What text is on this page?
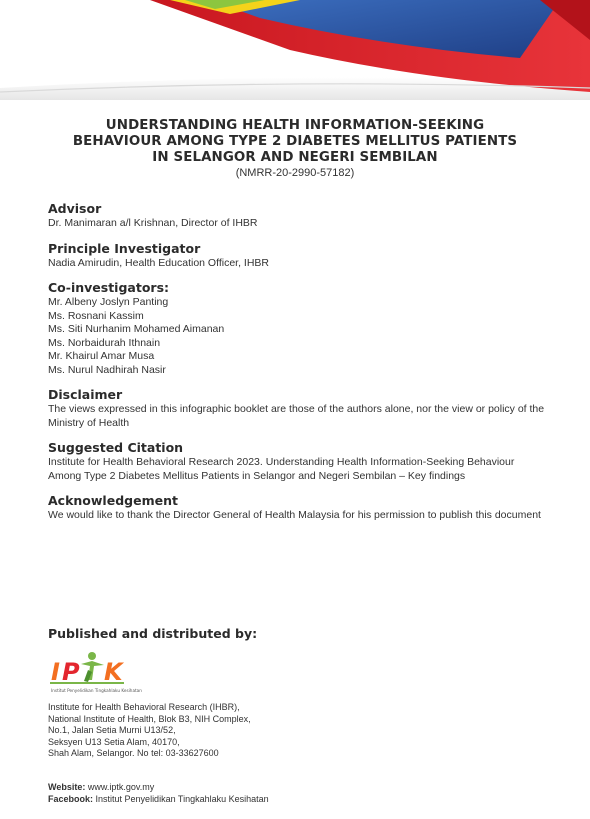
UNDERSTANDING HEALTH INFORMATION-SEEKING
BEHAVIOUR AMONG TYPE 2 DIABETES MELLITUS PATIENTS
IN SELANGOR AND NEGERI SEMBILAN
(NMRR-20-2990-57182)
Advisor

Dr. Manimaran a/l Krishnan, Director of IHBR

Principle Investigator

Nadia Amirudin, Health Education Officer, IHBR

Co-investigators:
Mr. Albeny Joslyn Panting
Ms. Rosnani Kassim
Ms. Siti Nurhanim Mohamed Aimanan
Ms. Norbaidurah Ithnain
Mr. Khairul Amar Musa
Ms. Nurul Nadhirah Nasir
Disclaimer

The views expressed in this infographic booklet are those of the authors alone, nor the view or policy of the Ministry of Health

Suggested Citation

Institute for Health Behavioral Research 2023. Understanding Health Information-Seeking Behaviour Among Type 2 Diabetes Mellitus Patients in Selangor and Negeri Sembilan – Key findings

Acknowledgement

We would like to thank the Director General of Health Malaysia for his permission to publish this document

Published and distributed by:
I P K
Institut Penyelidikan Tingkahlaku Kesihatan
Institute for Health Behavioral Research (IHBR),
National Institute of Health, Blok B3, NIH Complex,
No.1, Jalan Setia Murni U13/52,
Seksyen U13 Setia Alam, 40170,
Shah Alam, Selangor. No tel: 03-33627600
Website: www.iptk.gov.my
Facebook: Institut Penyelidikan Tingkahlaku Kesihatan
